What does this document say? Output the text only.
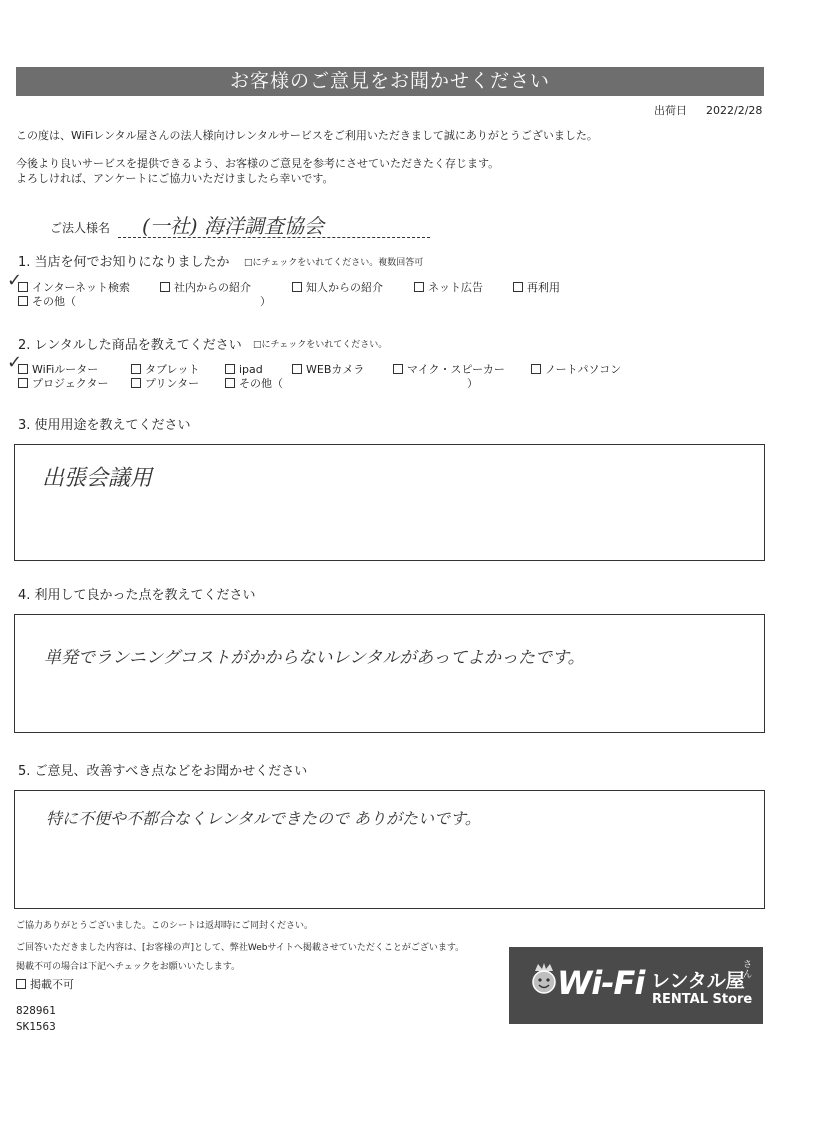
お客様のご意見をお聞かせください
出荷日 2022/2/28
この度は、WiFiレンタル屋さんの法人様向けレンタルサービスをご利用いただきまして誠にありがとうございました。
今後より良いサービスを提供できるよう、お客様のご意見を参考にさせていただきたく存じます。
よろしければ、アンケートにご協力いただけましたら幸いです。
ご法人様名 (一社) 海洋調査協会
1. 当店を何でお知りになりましたか □にチェックをいれてください。複数回答可
インターネット検索	社内からの紹介	知人からの紹介	ネット広告	再利用
その他（	）
✓
2. レンタルした商品を教えてください □にチェックをいれてください。
WiFiルーター	タブレット	ipad	WEBカメラ	マイク・スピーカー	ノートパソコン
プロジェクター	プリンター	その他（	）
✓
3. 使用用途を教えてください
出張会議用
4. 利用して良かった点を教えてください
単発でランニングコストがかからないレンタルがあってよかったです。
5. ご意見、改善すべき点などをお聞かせください
特に不便や不都合なくレンタルできたので ありがたいです。
ご協力ありがとうございました。このシートは返却時にご同封ください。
ご回答いただきました内容は、[お客様の声]として、弊社Webサイトへ掲載させていただくことがございます。
掲載不可の場合は下記へチェックをお願いいたします。
掲載不可
828961
SK1563
Wi-Fi レンタル屋
さん
RENTAL Store
